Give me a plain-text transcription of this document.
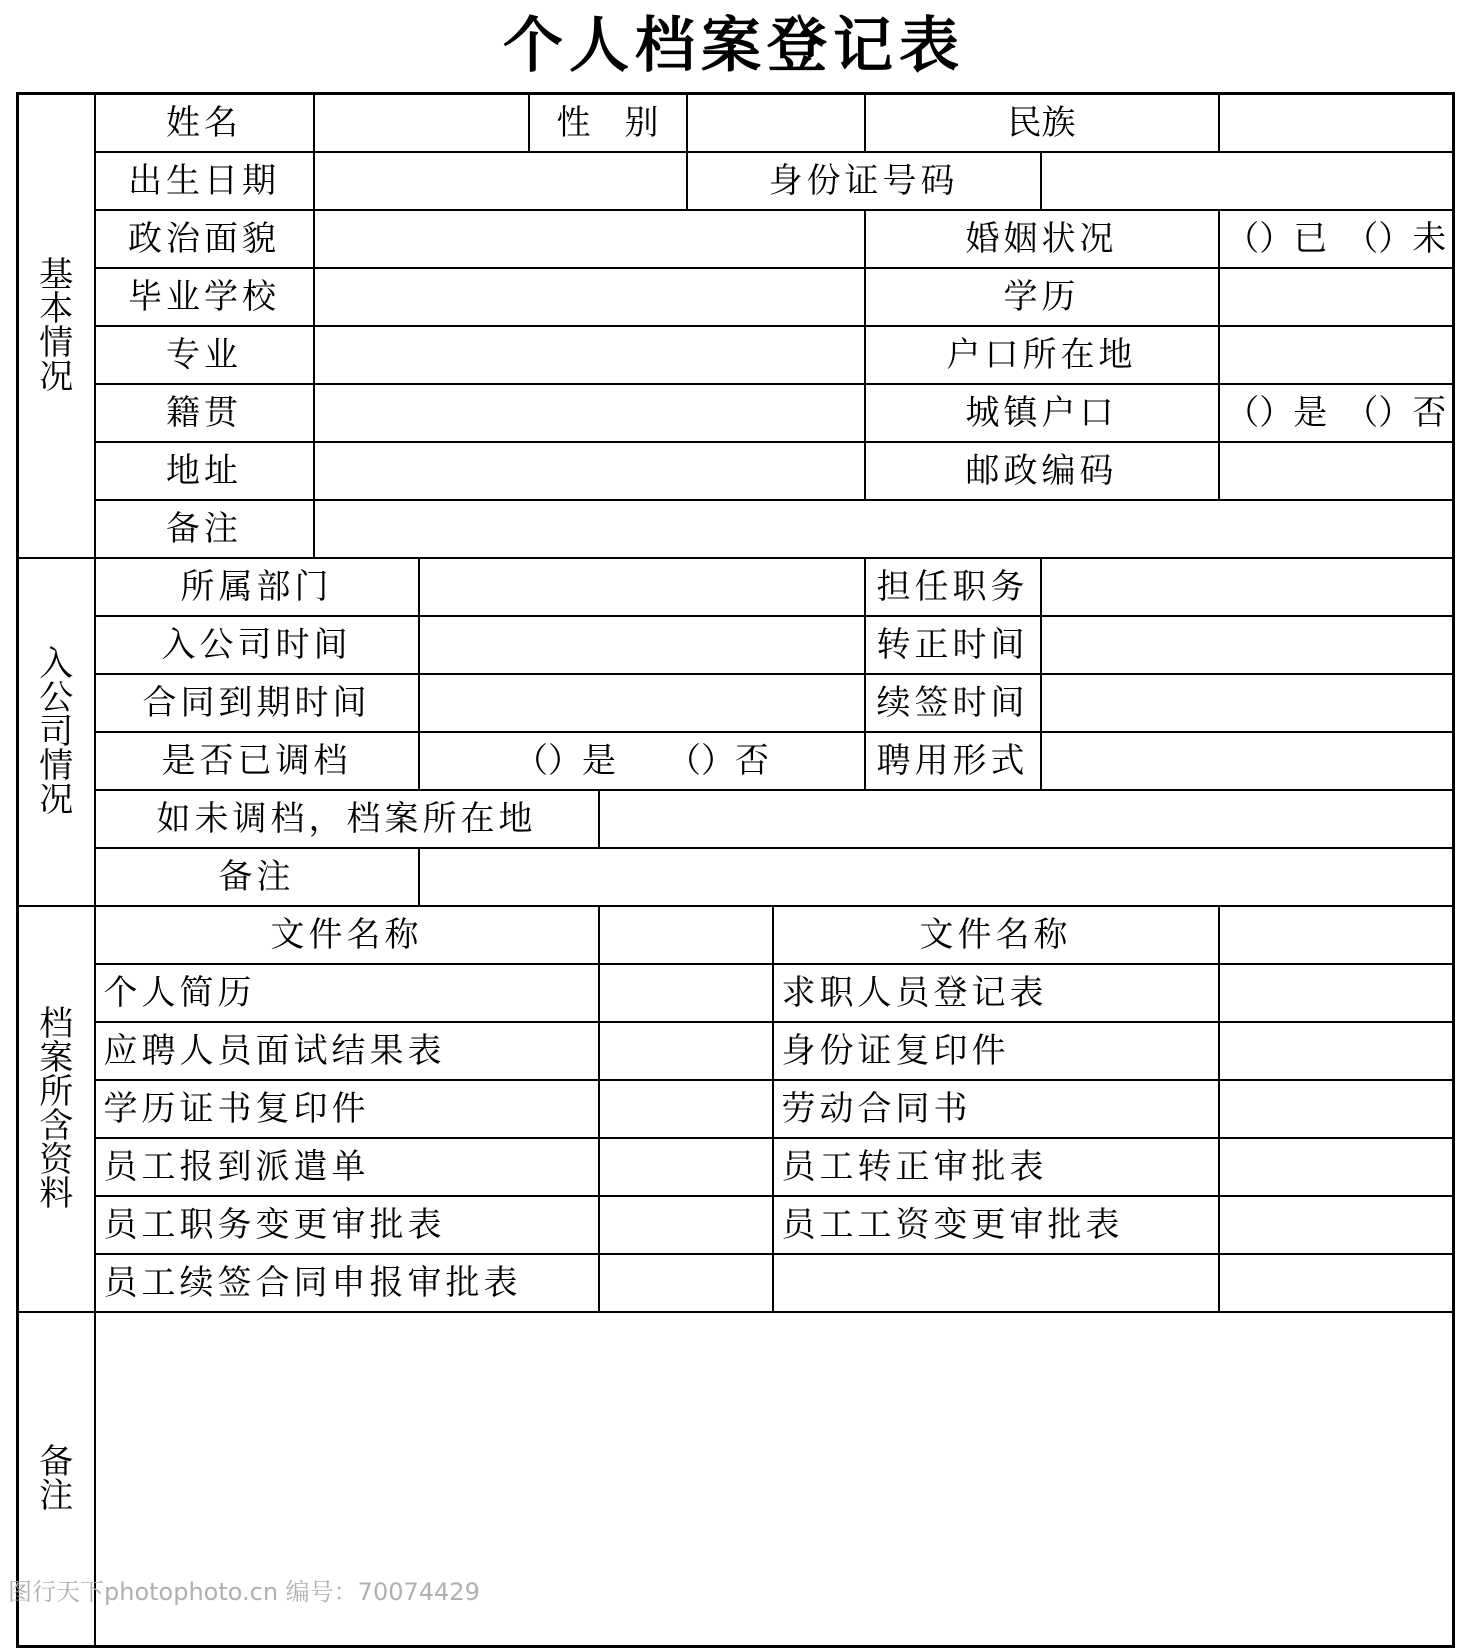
个人档案登记表
基本情况	姓名			性　别				民族		
	出生日期					身份证号码				
	政治面貌							婚姻状况		（）已　（）未
	毕业学校							学历		
	专业							户口所在地		
	籍贯							城镇户口		（）是　（）否
	地址							邮政编码		
	备注									

入公司情况	所属部门							担任职务		
	入公司时间							转正时间		
	合同到期时间							续签时间		
	是否已调档		（）是　　（）否					聘用形式		
	如未调档，档案所在地									
	备注									

档案所含资料	文件名称						文件名称			
	个人简历						求职人员登记表			
	应聘人员面试结果表						身份证复印件			
	学历证书复印件						劳动合同书			
	员工报到派遣单						员工转正审批表			
	员工职务变更审批表						员工工资变更审批表			
	员工续签合同申报审批表									

备注										

图行天下photophoto.cn 编号：70074429
